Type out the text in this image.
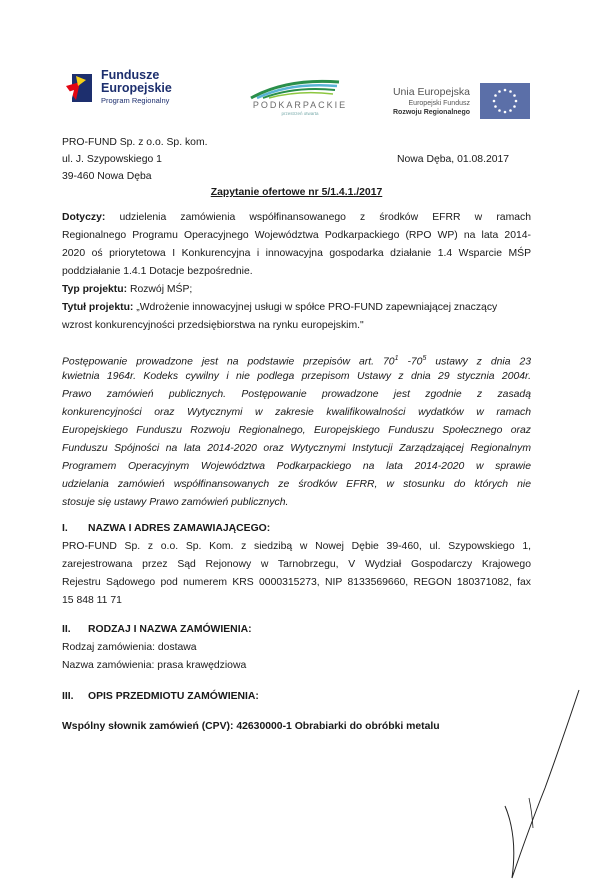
Fundusze
Europejskie
Program Regionalny	PODKARPACKIE
przestrzeń otwarta
Unia Europejska
Europejski Fundusz
Rozwoju Regionalnego
PRO-FUND Sp. z o.o. Sp. kom.
ul. J. Szypowskiego 1
39-460 Nowa Dęba
Nowa Dęba, 01.08.2017
Zapytanie ofertowe nr 5/1.4.1./2017
Dotyczy: udzielenia zamówienia współfinansowanego z środków EFRR w ramach
Regionalnego Programu Operacyjnego Województwa Podkarpackiego (RPO WP) na lata 2014-
2020 oś priorytetowa I Konkurencyjna i innowacyjna gospodarka działanie 1.4 Wsparcie MŚP
poddziałanie 1.4.1 Dotacje bezpośrednie.
Typ projektu: Rozwój MŚP;
Tytuł projektu: „Wdrożenie innowacyjnej usługi w spółce PRO-FUND zapewniającej znaczący
wzrost konkurencyjności przedsiębiorstwa na rynku europejskim."
Postępowanie prowadzone jest na podstawie przepisów art. $70^1$ $-70^5$ ustawy z dnia 23
kwietnia 1964r. Kodeks cywilny i nie podlega przepisom Ustawy z dnia 29 stycznia 2004r.
Prawo zamówień publicznych. Postępowanie prowadzone jest zgodnie z zasadą
konkurencyjności oraz Wytycznymi w zakresie kwalifikowalności wydatków w ramach
Europejskiego Funduszu Rozwoju Regionalnego, Europejskiego Funduszu Społecznego oraz
Funduszu Spójności na lata 2014-2020 oraz Wytycznymi Instytucji Zarządzającej Regionalnym
Programem Operacyjnym Województwa Podkarpackiego na lata 2014-2020 w sprawie
udzielania zamówień współfinansowanych ze środków EFRR, w stosunku do których nie
stosuje się ustawy Prawo zamówień publicznych.
I. NAZWA I ADRES ZAMAWIAJĄCEGO:
PRO-FUND Sp. z o.o. Sp. Kom. z siedzibą w Nowej Dębie 39-460, ul. Szypowskiego 1,
zarejestrowana przez Sąd Rejonowy w Tarnobrzegu, V Wydział Gospodarczy Krajowego
Rejestru Sądowego pod numerem KRS 0000315273, NIP 8133569660, REGON 180371082, fax
15 848 11 71
II. RODZAJ I NAZWA ZAMÓWIENIA:
Rodzaj zamówienia: dostawa
Nazwa zamówienia: prasa krawędziowa
III. OPIS PRZEDMIOTU ZAMÓWIENIA:
Wspólny słownik zamówień (CPV): 42630000-1 Obrabiarki do obróbki metalu
